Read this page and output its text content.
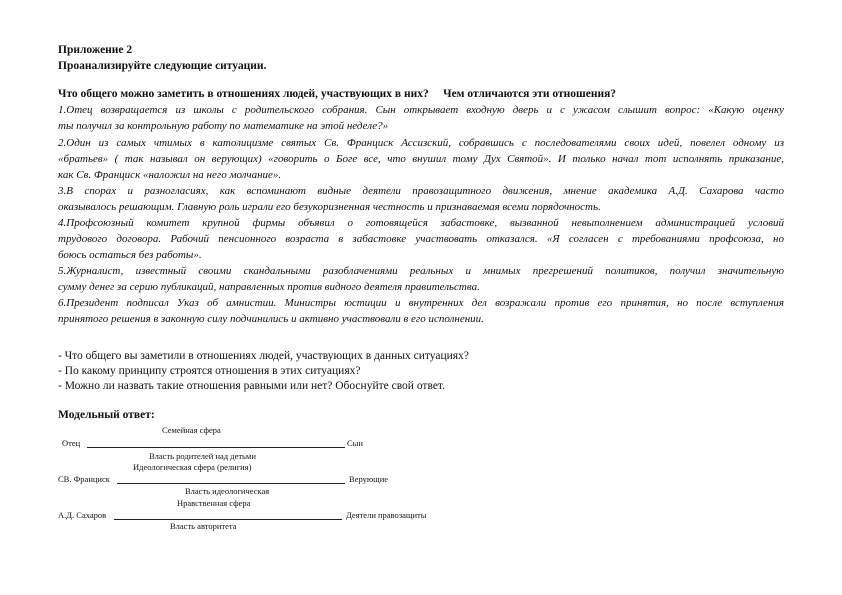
Приложение 2
Проанализируйте следующие ситуации.
Что общего можно заметить в отношениях людей, участвующих в них?     Чем отличаются эти отношения?
1.Отец возвращается из школы с родительского собрания. Сын открывает входную дверь и с ужасом слышит вопрос: «Какую оценку
ты получил за контрольную работу по математике на этой неделе?»
2.Один из самых чтимых в католицизме святых Св. Франциск Ассизский, собравшись с последователями своих идей, повелел одному из
«братьев» ( так называл он верующих) «говорить о Боге все, что внушил тому Дух Святой». И только начал тот исполнять приказание,
как Св. Франциск «наложил на него молчание».
3.В спорах и разногласиях, как вспоминают видные деятели правозащитного движения, мнение академика А.Д. Сахарова часто
оказывалось решающим. Главную роль играли его безукоризненная честность и признаваемая всеми порядочность.
4.Профсоюзный комитет крупной фирмы объявил о готовящейся забастовке, вызванной невыполнением администрацией условий
трудового договора. Рабочий пенсионного возраста в забастовке участвовать отказался. «Я согласен с требованиями профсоюза, но
боюсь остаться без работы».
5.Журналист, известный своими скандальными разоблачениями реальных и мнимых прегрешений политиков, получил значительную
сумму денег за серию публикаций, направленных против видного деятеля правительства.
6.Президент подписал Указ об амнистии. Министры юстиции и внутренних дел возражали против его принятия, но после вступления
принятого решения в законную силу подчинились и активно участвовали в его исполнении.
- Что общего вы заметили в отношениях людей, участвующих в данных ситуациях?
- По какому принципу строятся отношения в этих ситуациях?
- Можно ли назвать такие отношения равными или нет? Обоснуйте свой ответ.
Модельный ответ:
Семейная сфера
Отец	Сын
Власть родителей над детьми
Идеологическая сфера (религия)
СВ. Франциск	Верующие
Власть идеологическая
Нравственная сфера
А.Д. Сахаров	Деятели правозащиты
Власть авторитета
